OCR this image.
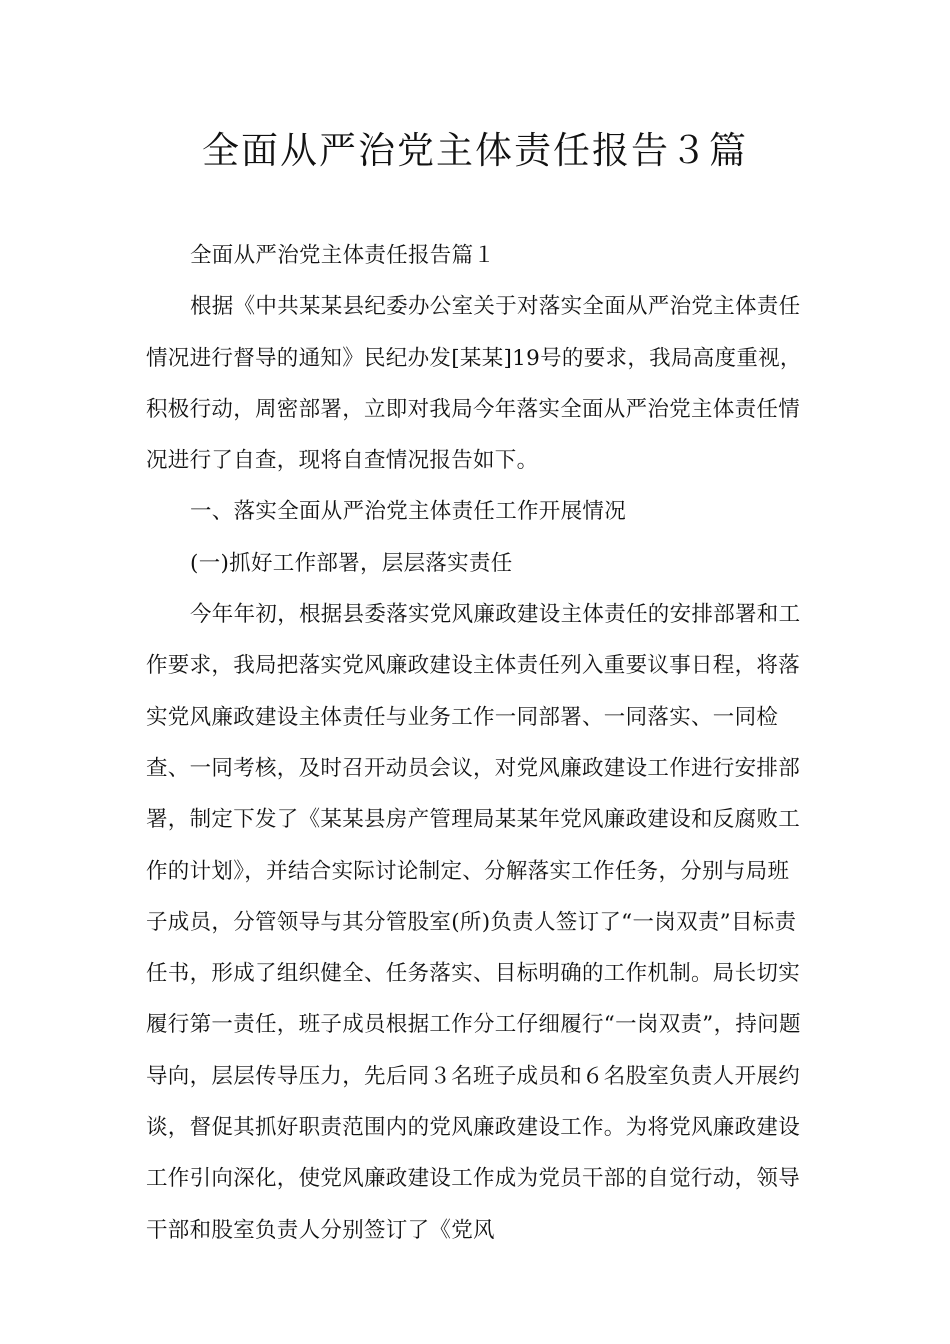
全面从严治党主体责任报告３篇

全面从严治党主体责任报告篇１

根据《中共某某县纪委办公室关于对落实全面从严治党主体责任情况进行督导的通知》民纪办发[某某]19号的要求，我局高度重视，积极行动，周密部署，立即对我局今年落实全面从严治党主体责任情况进行了自查，现将自查情况报告如下。

一、落实全面从严治党主体责任工作开展情况

(一)抓好工作部署，层层落实责任

今年年初，根据县委落实党风廉政建设主体责任的安排部署和工作要求，我局把落实党风廉政建设主体责任列入重要议事日程，将落实党风廉政建设主体责任与业务工作一同部署、一同落实、一同检查、一同考核，及时召开动员会议，对党风廉政建设工作进行安排部署，制定下发了《某某县房产管理局某某年党风廉政建设和反腐败工作的计划》，并结合实际讨论制定、分解落实工作任务，分别与局班子成员，分管领导与其分管股室(所)负责人签订了“一岗双责”目标责任书，形成了组织健全、任务落实、目标明确的工作机制。局长切实履行第一责任，班子成员根据工作分工仔细履行“一岗双责”，持问题导向，层层传导压力，先后同３名班子成员和６名股室负责人开展约谈，督促其抓好职责范围内的党风廉政建设工作。为将党风廉政建设工作引向深化，使党风廉政建设工作成为党员干部的自觉行动，领导干部和股室负责人分别签订了《党风
